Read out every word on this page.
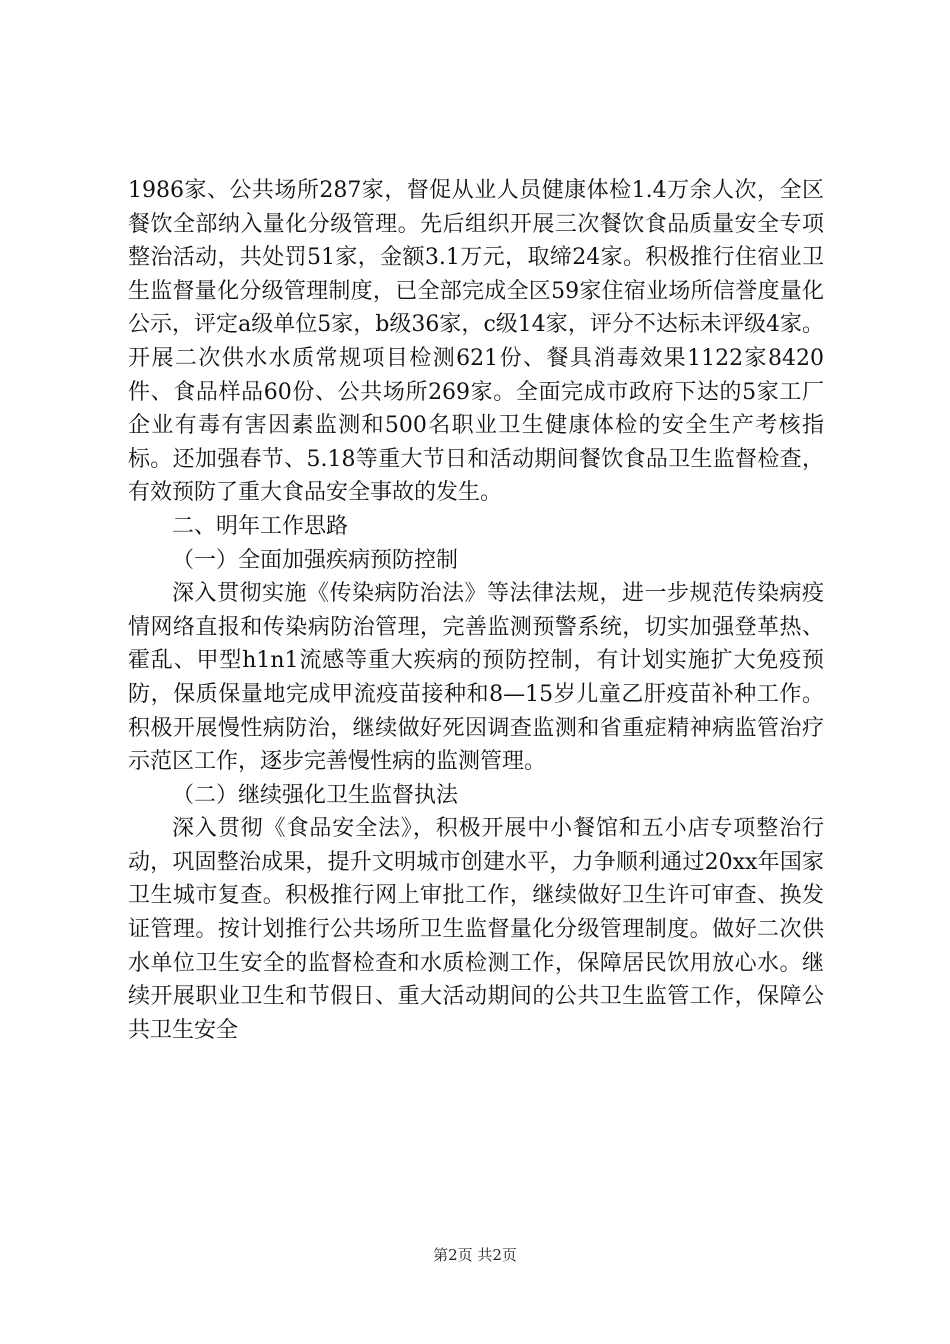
1986家、公共场所287家，督促从业人员健康体检1.4万余人次，全区餐饮全部纳入量化分级管理。先后组织开展三次餐饮食品质量安全专项整治活动，共处罚51家，金额3.1万元，取缔24家。积极推行住宿业卫生监督量化分级管理制度，已全部完成全区59家住宿业场所信誉度量化公示，评定a级单位5家，b级36家，c级14家，评分不达标未评级4家。开展二次供水水质常规项目检测621份、餐具消毒效果1122家8420件、食品样品60份、公共场所269家。全面完成市政府下达的5家工厂企业有毒有害因素监测和500名职业卫生健康体检的安全生产考核指标。还加强春节、5.18等重大节日和活动期间餐饮食品卫生监督检查，有效预防了重大食品安全事故的发生。

二、明年工作思路

（一）全面加强疾病预防控制

深入贯彻实施《传染病防治法》等法律法规，进一步规范传染病疫情网络直报和传染病防治管理，完善监测预警系统，切实加强登革热、霍乱、甲型h1n1流感等重大疾病的预防控制，有计划实施扩大免疫预防，保质保量地完成甲流疫苗接种和8—15岁儿童乙肝疫苗补种工作。积极开展慢性病防治，继续做好死因调查监测和省重症精神病监管治疗示范区工作，逐步完善慢性病的监测管理。

（二）继续强化卫生监督执法

深入贯彻《食品安全法》，积极开展中小餐馆和五小店专项整治行动，巩固整治成果，提升文明城市创建水平，力争顺利通过20xx年国家卫生城市复查。积极推行网上审批工作，继续做好卫生许可审查、换发证管理。按计划推行公共场所卫生监督量化分级管理制度。做好二次供水单位卫生安全的监督检查和水质检测工作，保障居民饮用放心水。继续开展职业卫生和节假日、重大活动期间的公共卫生监管工作，保障公共卫生安全

第2页 共2页
